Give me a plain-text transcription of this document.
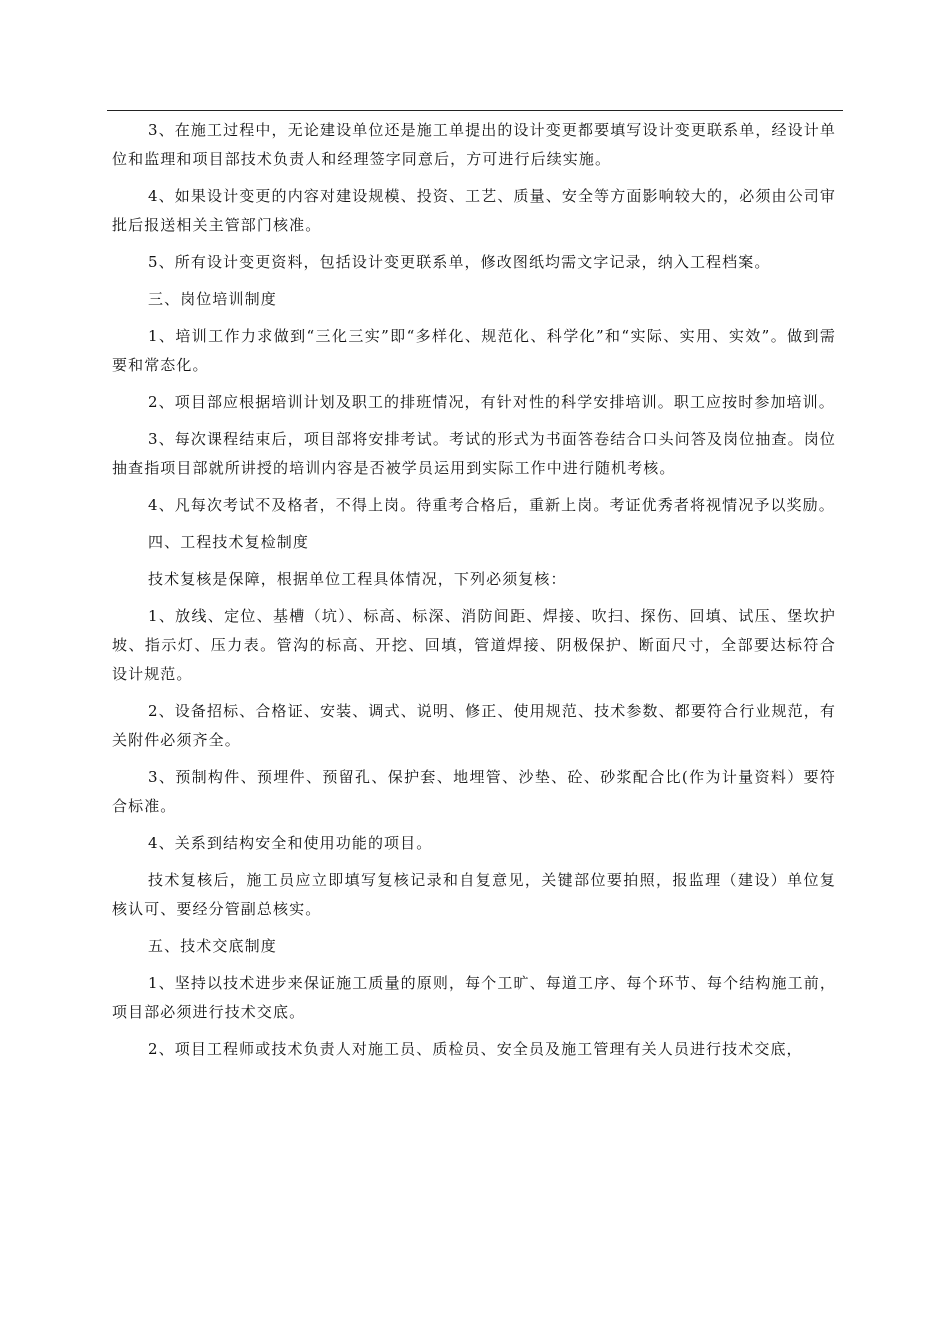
3、在施工过程中，无论建设单位还是施工单提出的设计变更都要填写设计变更联系单，经设计单位和监理和项目部技术负责人和经理签字同意后，方可进行后续实施。

4、如果设计变更的内容对建设规模、投资、工艺、质量、安全等方面影响较大的，必须由公司审批后报送相关主管部门核准。

5、所有设计变更资料，包括设计变更联系单，修改图纸均需文字记录，纳入工程档案。

三、岗位培训制度

1、培训工作力求做到“三化三实”即“多样化、规范化、科学化”和“实际、实用、实效”。做到需要和常态化。

2、项目部应根据培训计划及职工的排班情况，有针对性的科学安排培训。职工应按时参加培训。

3、每次课程结束后，项目部将安排考试。考试的形式为书面答卷结合口头问答及岗位抽查。岗位抽查指项目部就所讲授的培训内容是否被学员运用到实际工作中进行随机考核。

4、凡每次考试不及格者，不得上岗。待重考合格后，重新上岗。考证优秀者将视情况予以奖励。

四、工程技术复检制度

技术复核是保障，根据单位工程具体情况，下列必须复核：

1、放线、定位、基槽（坑）、标高、标深、消防间距、焊接、吹扫、探伤、回填、试压、堡坎护坡、指示灯、压力表。管沟的标高、开挖、回填，管道焊接、阴极保护、断面尺寸，全部要达标符合设计规范。

2、设备招标、合格证、安装、调式、说明、修正、使用规范、技术参数、都要符合行业规范，有关附件必须齐全。

3、预制构件、预埋件、预留孔、保护套、地埋管、沙垫、砼、砂浆配合比(作为计量资料）要符合标准。

4、关系到结构安全和使用功能的项目。

技术复核后，施工员应立即填写复核记录和自复意见，关键部位要拍照，报监理（建设）单位复核认可、要经分管副总核实。

五、技术交底制度

1、坚持以技术进步来保证施工质量的原则，每个工旷、每道工序、每个环节、每个结构施工前，项目部必须进行技术交底。

2、项目工程师或技术负责人对施工员、质检员、安全员及施工管理有关人员进行技术交底，
